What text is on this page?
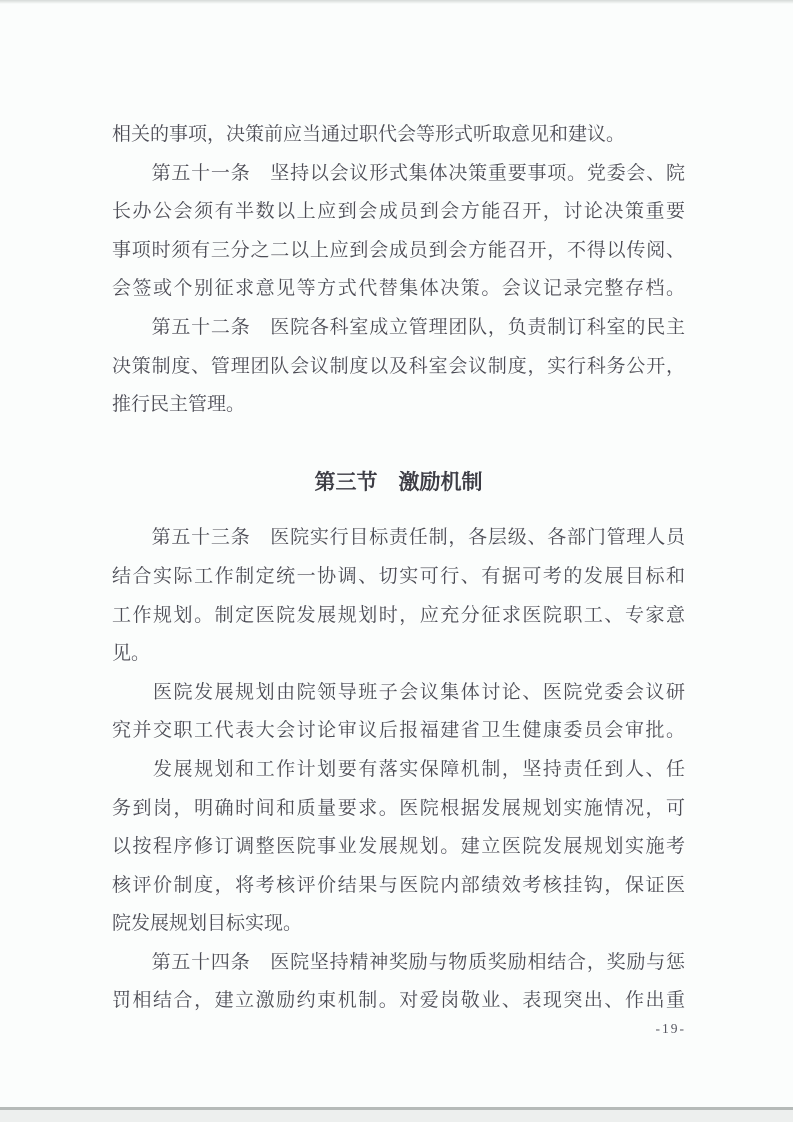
相关的事项，决策前应当通过职代会等形式听取意见和建议。
　　第五十一条　坚持以会议形式集体决策重要事项。党委会、院
长办公会须有半数以上应到会成员到会方能召开，讨论决策重要
事项时须有三分之二以上应到会成员到会方能召开，不得以传阅、
会签或个别征求意见等方式代替集体决策。会议记录完整存档。
　　第五十二条　医院各科室成立管理团队，负责制订科室的民主
决策制度、管理团队会议制度以及科室会议制度，实行科务公开，
推行民主管理。
第三节　激励机制
　　第五十三条　医院实行目标责任制，各层级、各部门管理人员
结合实际工作制定统一协调、切实可行、有据可考的发展目标和
工作规划。制定医院发展规划时，应充分征求医院职工、专家意
见。
　　医院发展规划由院领导班子会议集体讨论、医院党委会议研
究并交职工代表大会讨论审议后报福建省卫生健康委员会审批。
　　发展规划和工作计划要有落实保障机制，坚持责任到人、任
务到岗，明确时间和质量要求。医院根据发展规划实施情况，可
以按程序修订调整医院事业发展规划。建立医院发展规划实施考
核评价制度，将考核评价结果与医院内部绩效考核挂钩，保证医
院发展规划目标实现。
　　第五十四条　医院坚持精神奖励与物质奖励相结合，奖励与惩
罚相结合，建立激励约束机制。对爱岗敬业、表现突出、作出重
-19-
